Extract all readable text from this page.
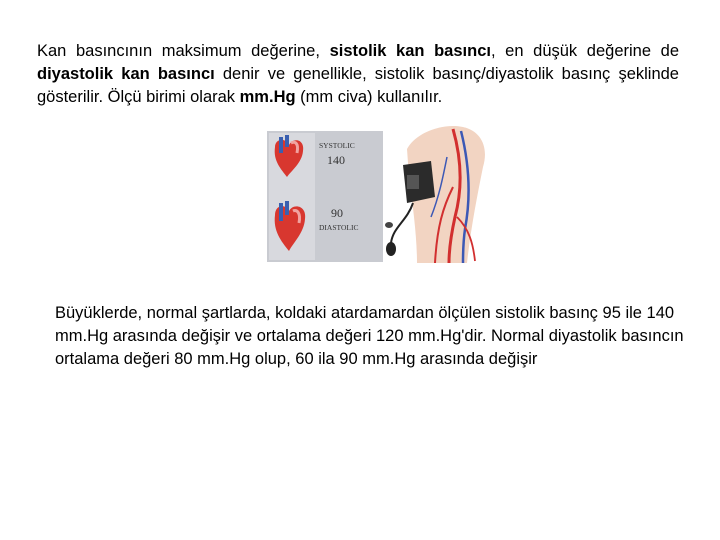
Kan basıncının maksimum değerine, sistolik kan basıncı, en düşük değerine de diyastolik kan basıncı denir ve genellikle, sistolik basınç/diyastolik basınç şeklinde gösterilir. Ölçü birimi olarak mm.Hg (mm civa) kullanılır.
SYSTOLIC
140
90
DIASTOLIC
Büyüklerde, normal şartlarda, koldaki atardamardan ölçülen sistolik basınç 95 ile 140 mm.Hg arasında değişir ve ortalama değeri 120 mm.Hg'dir. Normal diyastolik basıncın ortalama değeri 80 mm.Hg olup, 60 ila 90 mm.Hg arasında değişir
